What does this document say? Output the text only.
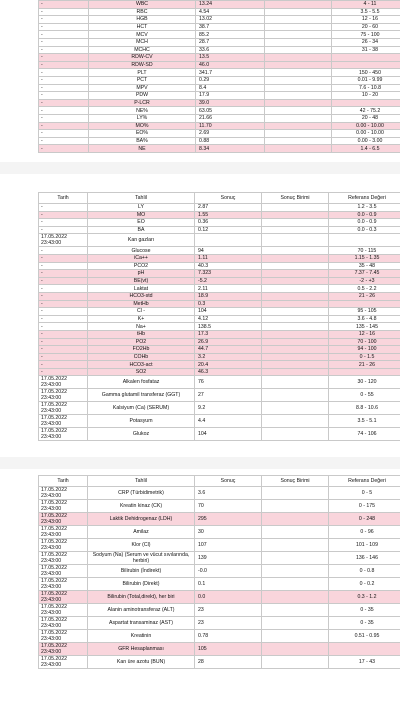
-	WBC	13.24		4 - 11
-	RBC	4.54		3.5 - 5.5
-	HGB	13.02		12 - 16
-	HCT	38.7		20 - 60
-	MCV	85.2		75 - 100
-	MCH	28.7		26 - 34
-	MCHC	33.6		31 - 38
-	RDW-CV	13.5		
-	RDW-SD	46.0		
-	PLT	341.7		150 - 450
-	PCT	0.29		0.01 - 9.99
-	MPV	8.4		7.6 - 10.8
-	PDW	17.9		10 - 20
-	P-LCR	39.0		
-	NE%	63.05		42 - 75.2
-	LY%	21.66		20 - 48
-	MO%	11.70		0.00 - 10.00
-	EO%	2.69		0.00 - 10.00
-	BA%	0.88		0.00 - 3.00
-	NE	8.34		1.4 - 6.5
Tarih	Tahlil	Sonuç	Sonuç Birimi	Referans Değeri
-	LY	2.87		1.2 - 3.5
-	MO	1.55		0.0 - 0.9
-	EO	0.36		0.0 - 0.9
-	BA	0.12		0.0 - 0.3
17.05.2022 23:43:00	Kan gazları			
-	Glucose	94		70 - 115
-	iCa++	1.11		1.15 - 1.35
-	PCO2	40.3		35 - 48
-	pH	7.323		7.37 - 7.45
-	BE(vt)	-5.2		-2 - +3
-	Laktat	2.11		0.5 - 2.2
-	HCO3-std	18.9		21 - 26
-	MetHb	0.3		
-	Cl -	104		95 - 105
-	K+	4.12		3.6 - 4.8
-	Na+	138.5		135 - 145
-	tHb	17.3		12 - 16
-	PO2	26.9		70 - 100
-	FO2Hb	44.7		94 - 100
-	COHb	3.2		0 - 1.5
-	HCO3-act	20.4		21 - 26
-	SO2	46.3		
17.05.2022 23:43:00	Alkalen fosfataz	76		30 - 120
17.05.2022 23:43:00	Gamma glutamil transferaz (GGT)	27		0 - 55
17.05.2022 23:43:00	Kalsiyum (Ca) (SERUM)	9.2		8.8 - 10.6
17.05.2022 23:43:00	Potasyum	4.4		3.5 - 5.1
17.05.2022 23:43:00	Glukoz	104		74 - 106
Tarih	Tahlil	Sonuç	Sonuç Birimi	Referans Değeri
17.05.2022 23:43:00	CRP (Türbidimetrik)	3.6		0 - 5
17.05.2022 23:43:00	Kreatin kinaz (CK)	70		0 - 175
17.05.2022 23:43:00	Laktik Dehidrogenaz (LDH)	295		0 - 248
17.05.2022 23:43:00	Amilaz	30		0 - 96
17.05.2022 23:43:00	Klor (Cl)	107		101 - 109
17.05.2022 23:43:00	Sodyum (Na) (Serum ve vücut sıvılarında, herbiri)	139		136 - 146
17.05.2022 23:43:00	Bilirubin (İndirekt)	-0.0		0 - 0.8
17.05.2022 23:43:00	Bilirubin (Direkt)	0.1		0 - 0.2
17.05.2022 23:43:00	Bilirubin (Total,direkt), her biri	0.0		0.3 - 1.2
17.05.2022 23:43:00	Alanin aminotransferaz (ALT)	23		0 - 35
17.05.2022 23:43:00	Aspartat transaminaz (AST)	23		0 - 35
17.05.2022 23:43:00	Kreatinin	0.78		0.51 - 0.95
17.05.2022 23:43:00	GFR Hesaplanması	105		
17.05.2022 23:43:00	Kan üre azotu (BUN)	28		17 - 43
